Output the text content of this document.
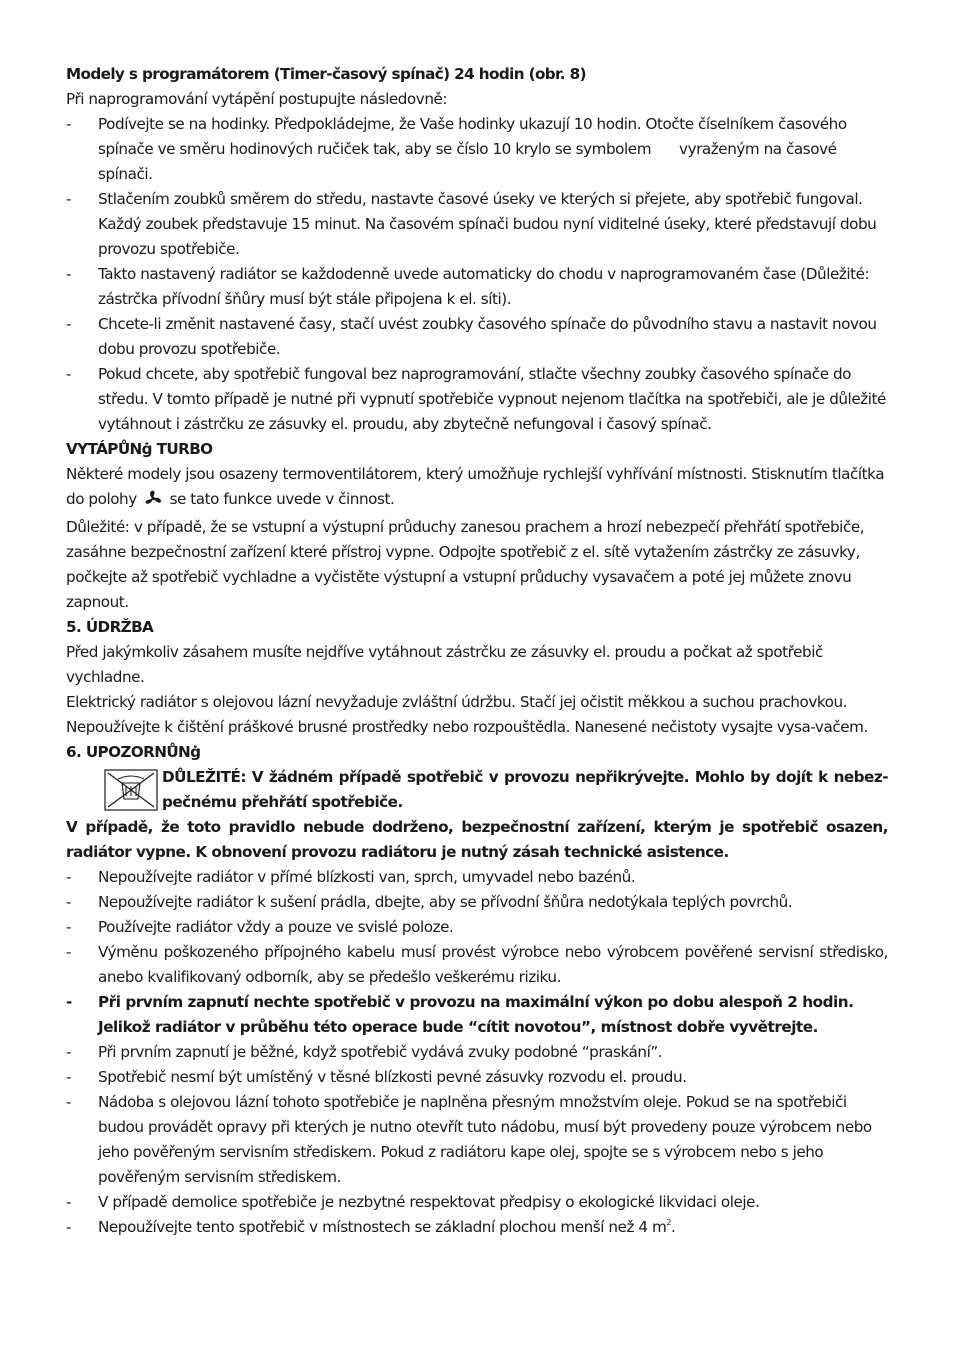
Modely s programátorem (Timer-časový spínač) 24 hodin (obr. 8)

Při naprogramování vytápění postupujte následovně:

- Podívejte se na hodinky. Předpokládejme, že Vaše hodinky ukazují 10 hodin. Otočte číselníkem časového spínače ve směru hodinových ručiček tak, aby se číslo 10 krylo se symbolem vyraženým na časové spínači.
- Stlačením zoubků směrem do středu, nastavte časové úseky ve kterých si přejete, aby spotřebič fungoval. Každý zoubek představuje 15 minut. Na časovém spínači budou nyní viditelné úseky, které představují dobu provozu spotřebiče.
- Takto nastavený radiátor se každodenně uvede automaticky do chodu v naprogramovaném čase (Důležité: zástrčka přívodní šňůry musí být stále připojena k el. síti).
- Chcete-li změnit nastavené časy, stačí uvést zoubky časového spínače do původního stavu a nastavit novou dobu provozu spotřebiče.
- Pokud chcete, aby spotřebič fungoval bez naprogramování, stlačte všechny zoubky časového spínače do středu. V tomto případě je nutné při vypnutí spotřebiče vypnout nejenom tlačítka na spotřebiči, ale je důležité vytáhnout i zástrčku ze zásuvky el. proudu, aby zbytečně nefungoval i časový spínač.

VYTÁPŮNġ TURBO

Některé modely jsou osazeny termoventilátorem, který umožňuje rychlejší vyhřívání místnosti. Stisknutím tlačítka do polohy se tato funkce uvede v činnost.

Důležité: v případě, že se vstupní a výstupní průduchy zanesou prachem a hrozí nebezpečí přehřátí spotřebiče, zasáhne bezpečnostní zařízení které přístroj vypne. Odpojte spotřebič z el. sítě vytažením zástrčky ze zásuvky, počkejte až spotřebič vychladne a vyčistěte výstupní a vstupní průduchy vysavačem a poté jej můžete znovu zapnout.

5. ÚDRŽBA

Před jakýmkoliv zásahem musíte nejdříve vytáhnout zástrčku ze zásuvky el. proudu a počkat až spotřebič vychladne.

Elektrický radiátor s olejovou lázní nevyžaduje zvláštní údržbu. Stačí jej očistit měkkou a suchou prachovkou. Nepoužívejte k čištění práškové brusné prostředky nebo rozpouštědla. Nanesené nečistoty vysajte vysa-vačem.

6. UPOZORNŮNġ

DŮLEŽITÉ: V žádném případě spotřebič v provozu nepřikrývejte. Mohlo by dojít k nebez-pečnému přehřátí spotřebiče.

V případě, že toto pravidlo nebude dodrženo, bezpečnostní zařízení, kterým je spotřebič osazen, radiátor vypne. K obnovení provozu radiátoru je nutný zásah technické asistence.

- Nepoužívejte radiátor v přímé blízkosti van, sprch, umyvadel nebo bazénů.
- Nepoužívejte radiátor k sušení prádla, dbejte, aby se přívodní šňůra nedotýkala teplých povrchů.
- Používejte radiátor vždy a pouze ve svislé poloze.
- Výměnu poškozeného přípojného kabelu musí provést výrobce nebo výrobcem pověřené servisní středisko, anebo kvalifikovaný odborník, aby se předešlo veškerému riziku.
- Při prvním zapnutí nechte spotřebič v provozu na maximální výkon po dobu alespoň 2 hodin. Jelikož radiátor v průběhu této operace bude “cítit novotou”, místnost dobře vyvětrejte.
- Při prvním zapnutí je běžné, když spotřebič vydává zvuky podobné “praskání”.
- Spotřebič nesmí být umístěný v těsné blízkosti pevné zásuvky rozvodu el. proudu.
- Nádoba s olejovou lázní tohoto spotřebiče je naplněna přesným množstvím oleje. Pokud se na spotřebiči budou provádět opravy při kterých je nutno otevřít tuto nádobu, musí být provedeny pouze výrobcem nebo jeho pověřeným servisním střediskem. Pokud z radiátoru kape olej, spojte se s výrobcem nebo s jeho pověřeným servisním střediskem.
- V případě demolice spotřebiče je nezbytné respektovat předpisy o ekologické likvidaci oleje.
- Nepoužívejte tento spotřebič v místnostech se základní plochou menší než 4 $m^2$.
